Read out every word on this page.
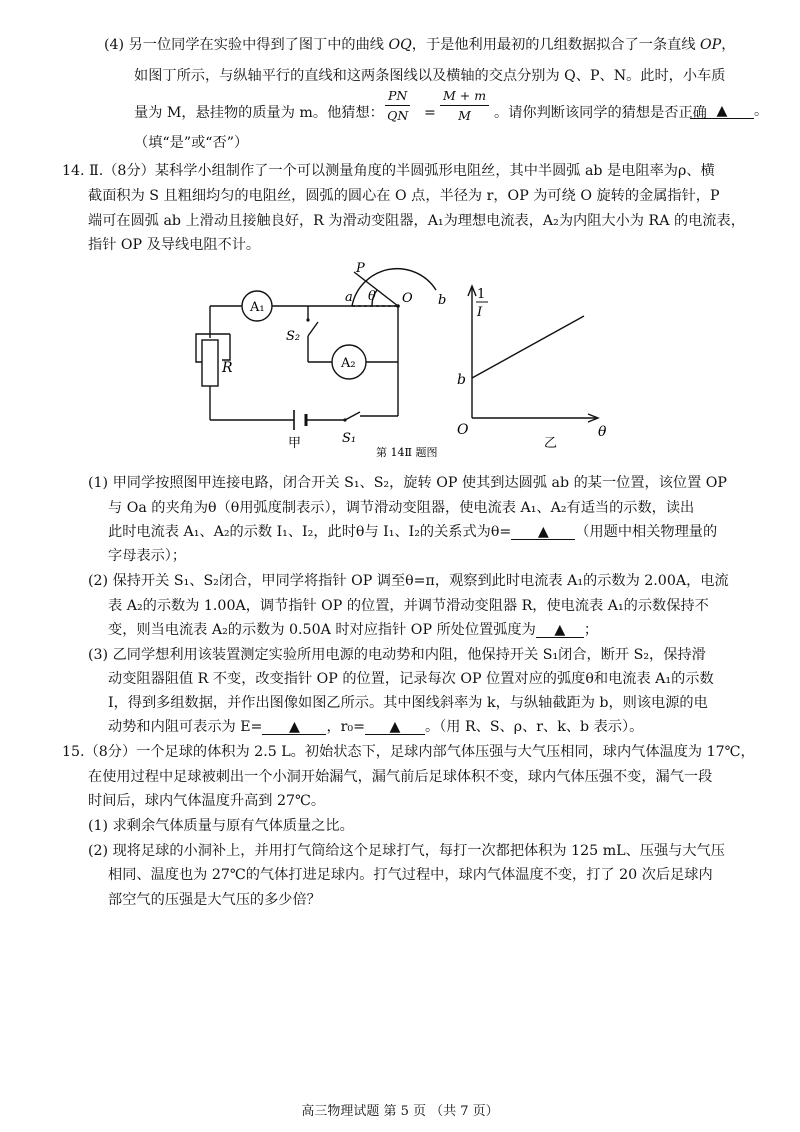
(4) 另一位同学在实验中得到了图丁中的曲线 OQ，于是他利用最初的几组数据拟合了一条直线 OP，
如图丁所示，与纵轴平行的直线和这两条图线以及横轴的交点分别为 Q、P、N。此时，小车质
量为 M，悬挂物的质量为 m。他猜想： $\frac{PN}{QN} = \frac{M + m}{M}$ 。请你判断该同学的猜想是否正确 ▲ 。
（填“是”或“否”）
14. Ⅱ.（8分）某科学小组制作了一个可以测量角度的半圆弧形电阻丝，其中半圆弧 ab 是电阻率为ρ、横
截面积为 S 且粗细均匀的电阻丝，圆弧的圆心在 O 点，半径为 r，OP 为可绕 O 旋转的金属指针，P
端可在圆弧 ab 上滑动且接触良好，R 为滑动变阻器，A₁为理想电流表，A₂为内阻大小为 RA 的电流表，
指针 OP 及导线电阻不计。
A₁
A₂
R
S₂
S₁
甲
P
a θ O b
第 14Ⅱ 题图
1
I
b
O	θ
乙
(1) 甲同学按照图甲连接电路，闭合开关 S₁、S₂，旋转 OP 使其到达圆弧 ab 的某一位置，该位置 OP
与 Oa 的夹角为θ（θ用弧度制表示），调节滑动变阻器，使电流表 A₁、A₂有适当的示数，读出
此时电流表 A₁、A₂的示数 I₁、I₂，此时θ与 I₁、I₂的关系式为θ= ▲ （用题中相关物理量的
字母表示）；
(2) 保持开关 S₁、S₂闭合，甲同学将指针 OP 调至θ=π，观察到此时电流表 A₁的示数为 2.00A，电流
表 A₂的示数为 1.00A，调节指针 OP 的位置，并调节滑动变阻器 R，使电流表 A₁的示数保持不
变，则当电流表 A₂的示数为 0.50A 时对应指针 OP 所处位置弧度为 ▲ ；
(3) 乙同学想利用该装置测定实验所用电源的电动势和内阻，他保持开关 S₁闭合，断开 S₂，保持滑
动变阻器阻值 R 不变，改变指针 OP 的位置，记录每次 OP 位置对应的弧度θ和电流表 A₁的示数
I，得到多组数据，并作出图像如图乙所示。其中图线斜率为 k，与纵轴截距为 b，则该电源的电
动势和内阻可表示为 E= ▲ ，r₀= ▲ 。（用 R、S、ρ、r、k、b 表示）。
15.（8分）一个足球的体积为 2.5 L。初始状态下，足球内部气体压强与大气压相同，球内气体温度为 17℃，
在使用过程中足球被刺出一个小洞开始漏气，漏气前后足球体积不变，球内气体压强不变，漏气一段
时间后，球内气体温度升高到 27℃。
(1) 求剩余气体质量与原有气体质量之比。
(2) 现将足球的小洞补上，并用打气筒给这个足球打气，每打一次都把体积为 125 mL、压强与大气压
相同、温度也为 27℃的气体打进足球内。打气过程中，球内气体温度不变，打了 20 次后足球内
部空气的压强是大气压的多少倍？
高三物理试题 第 5 页 （共 7 页）
